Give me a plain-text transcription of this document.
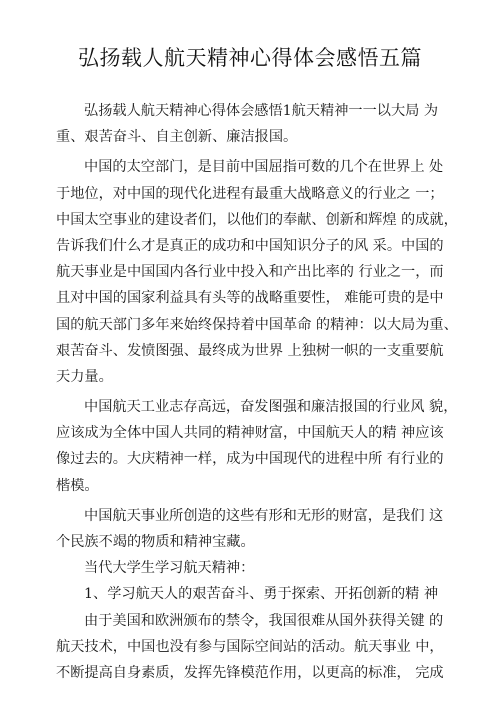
弘扬载人航天精神心得体会感悟五篇
弘扬载人航天精神心得体会感悟1航天精神一一以大局 为
重、艰苦奋斗、自主创新、廉洁报国。
中国的太空部门，是目前中国屈指可数的几个在世界上 处
于地位，对中国的现代化进程有最重大战略意义的行业之 一；
中国太空事业的建设者们，以他们的奉献、创新和辉煌 的成就，
告诉我们什么才是真正的成功和中国知识分子的风 采。中国的
航天事业是中国国内各行业中投入和产出比率的 行业之一，而
且对中国的国家利益具有头等的战略重要性， 难能可贵的是中
国的航天部门多年来始终保持着中国革命 的精神：以大局为重、
艰苦奋斗、发愤图强、最终成为世界 上独树一帜的一支重要航
天力量。
中国航天工业志存高远，奋发图强和廉洁报国的行业风 貌，
应该成为全体中国人共同的精神财富，中国航天人的精 神应该
像过去的。大庆精神一样，成为中国现代的进程中所 有行业的
楷模。
中国航天事业所创造的这些有形和无形的财富，是我们 这
个民族不竭的物质和精神宝藏。
当代大学生学习航天精神：
1、学习航天人的艰苦奋斗、勇于探索、开拓创新的精 神
由于美国和欧洲颁布的禁令，我国很难从国外获得关键 的
航天技术，中国也没有参与国际空间站的活动。航天事业 中，
不断提高自身素质，发挥先锋模范作用，以更高的标准， 完成
